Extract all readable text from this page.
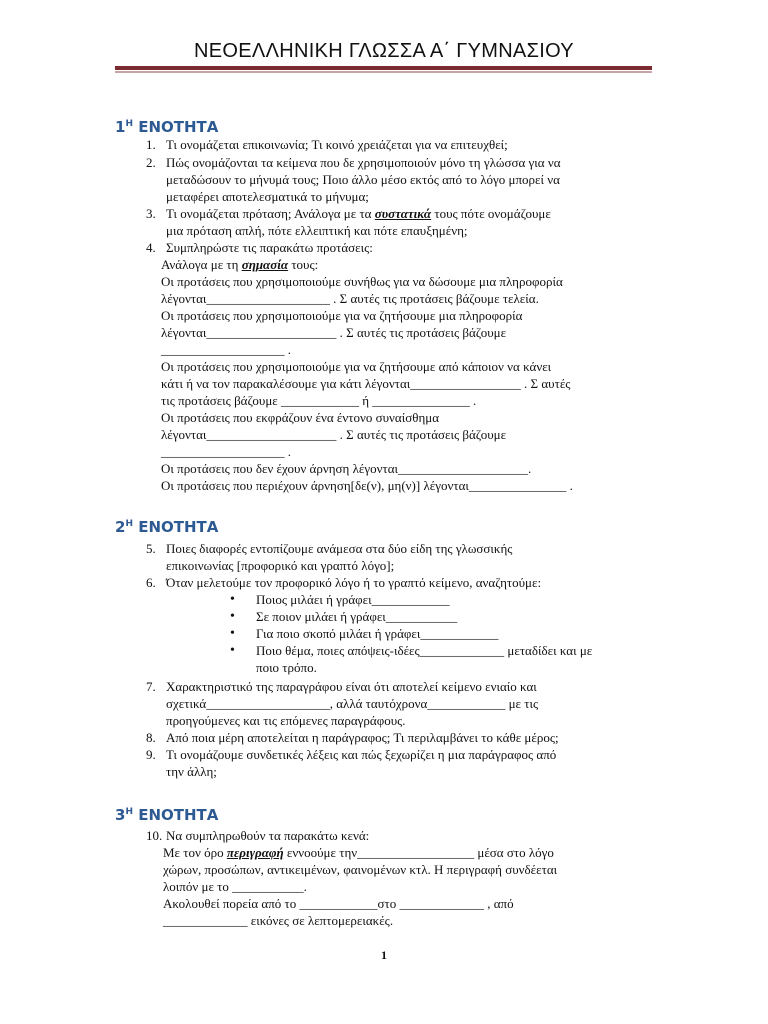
ΝΕΟΕΛΛΗΝΙΚΗ ΓΛΩΣΣΑ Α΄ ΓΥΜΝΑΣΙΟΥ
$1^H$ ΕΝΟΤΗΤΑ
1. Τι ονομάζεται επικοινωνία; Τι κοινό χρειάζεται για να επιτευχθεί;
2. Πώς ονομάζονται τα κείμενα που δε χρησιμοποιούν μόνο τη γλώσσα για να
μεταδώσουν το μήνυμά τους; Ποιο άλλο μέσο εκτός από το λόγο μπορεί να
μεταφέρει αποτελεσματικά το μήνυμα;
3. Τι ονομάζεται πρόταση; Ανάλογα με τα συστατικά τους πότε ονομάζουμε
μια πρόταση απλή, πότε ελλειπτική και πότε επαυξημένη;
4. Συμπληρώστε τις παρακάτω προτάσεις:
Ανάλογα με τη σημασία τους:
Οι προτάσεις που χρησιμοποιούμε συνήθως για να δώσουμε μια πληροφορία
λέγονται___________________ . Σ αυτές τις προτάσεις βάζουμε τελεία.
Οι προτάσεις που χρησιμοποιούμε για να ζητήσουμε μια πληροφορία
λέγονται____________________ . Σ αυτές τις προτάσεις βάζουμε
___________________ .
Οι προτάσεις που χρησιμοποιούμε για να ζητήσουμε από κάποιον να κάνει
κάτι ή να τον παρακαλέσουμε για κάτι λέγονται_________________ . Σ αυτές
τις προτάσεις βάζουμε ____________ ή _______________ .
Οι προτάσεις που εκφράζουν ένα έντονο συναίσθημα
λέγονται____________________ . Σ αυτές τις προτάσεις βάζουμε
___________________ .
Οι προτάσεις που δεν έχουν άρνηση λέγονται____________________.
Οι προτάσεις που περιέχουν άρνηση[δε(ν), μη(ν)] λέγονται_______________ .
$2^H$ ΕΝΟΤΗΤΑ
5. Ποιες διαφορές εντοπίζουμε ανάμεσα στα δύο είδη της γλωσσικής
επικοινωνίας [προφορικό και γραπτό λόγο];
6. Όταν μελετούμε τον προφορικό λόγο ή το γραπτό κείμενο, αναζητούμε:
• Ποιος μιλάει ή γράφει____________
• Σε ποιον μιλάει ή γράφει___________
• Για ποιο σκοπό μιλάει ή γράφει____________
• Ποιο θέμα, ποιες απόψεις-ιδέες_____________ μεταδίδει και με
ποιο τρόπο.
7. Χαρακτηριστικό της παραγράφου είναι ότι αποτελεί κείμενο ενιαίο και
σχετικά___________________, αλλά ταυτόχρονα____________ με τις
προηγούμενες και τις επόμενες παραγράφους.
8. Από ποια μέρη αποτελείται η παράγραφος; Τι περιλαμβάνει το κάθε μέρος;
9. Τι ονομάζουμε συνδετικές λέξεις και πώς ξεχωρίζει η μια παράγραφος από
την άλλη;
$3^H$ ΕΝΟΤΗΤΑ
10. Να συμπληρωθούν τα παρακάτω κενά:
Με τον όρο περιγραφή εννοούμε την__________________ μέσα στο λόγο
χώρων, προσώπων, αντικειμένων, φαινομένων κτλ. Η περιγραφή συνδέεται
λοιπόν με το ___________.
Ακολουθεί πορεία από το ____________στο _____________ , από
_____________ εικόνες σε λεπτομερειακές.
1
